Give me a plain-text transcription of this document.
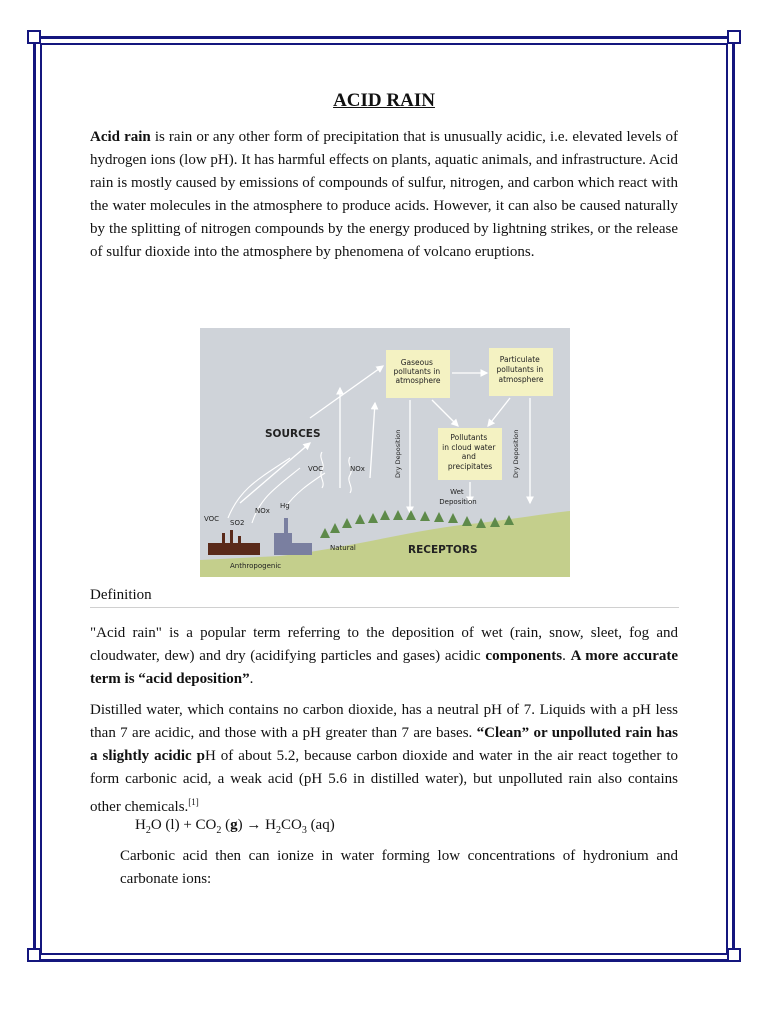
ACID RAIN

Acid rain is rain or any other form of precipitation that is unusually acidic, i.e. elevated levels of hydrogen ions (low pH). It has harmful effects on plants, aquatic animals, and infrastructure. Acid rain is mostly caused by emissions of compounds of sulfur, nitrogen, and carbon which react with the water molecules in the atmosphere to produce acids. However, it can also be caused naturally by the splitting of nitrogen compounds by the energy produced by lightning strikes, or the release of sulfur dioxide into the atmosphere by phenomena of volcano eruptions.

Gaseous pollutants in atmosphere
Particulate pollutants in atmosphere
Pollutants in cloud water and precipitates
SOURCES
RECEPTORS
Dry Deposition	Dry Deposition
Wet Deposition
VOC	NOx
VOC SO2
NOx
Hg
Natural
Anthropogenic
Definition

"Acid rain" is a popular term referring to the deposition of wet (rain, snow, sleet, fog and cloudwater, dew) and dry (acidifying particles and gases) acidic components. A more accurate term is “acid deposition”.

Distilled water, which contains no carbon dioxide, has a neutral pH of 7. Liquids with a pH less than 7 are acidic, and those with a pH greater than 7 are bases. “Clean” or unpolluted rain has a slightly acidic pH of about 5.2, because carbon dioxide and water in the air react together to form carbonic acid, a weak acid (pH 5.6 in distilled water), but unpolluted rain also contains other chemicals.[1]

$H_2O$ $(l) + CO_2$ $(g) \to H_2CO_3$ (aq)

Carbonic acid then can ionize in water forming low concentrations of hydronium and carbonate ions:
